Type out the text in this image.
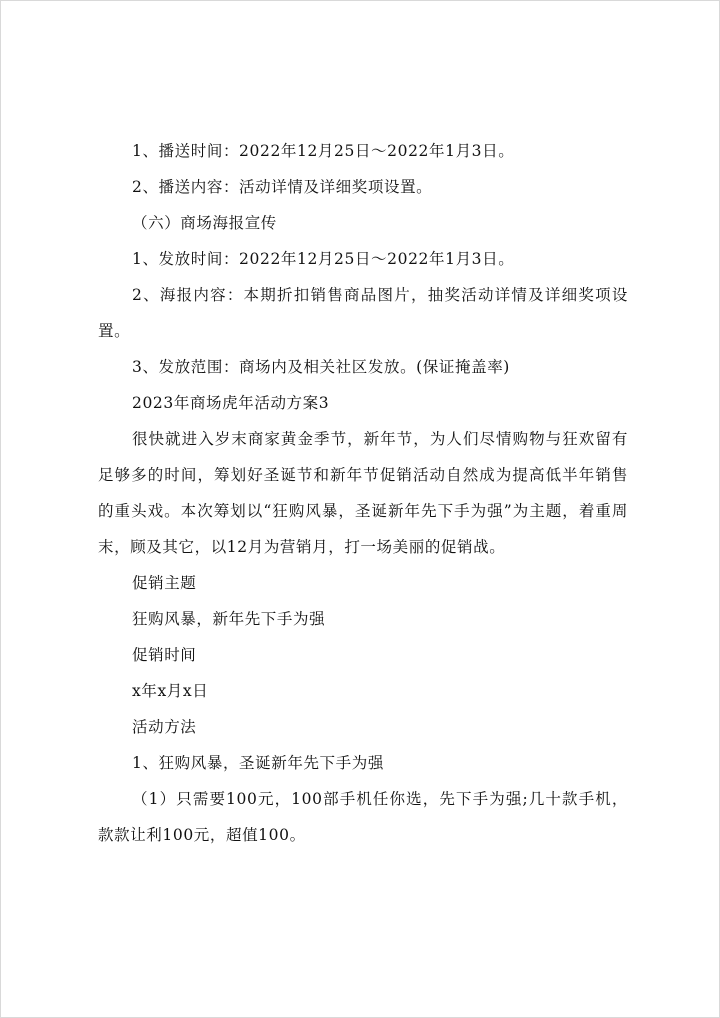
1、播送时间：2022年12月25日～2022年1月3日。

2、播送内容：活动详情及详细奖项设置。

（六）商场海报宣传

1、发放时间：2022年12月25日～2022年1月3日。

2、海报内容：本期折扣销售商品图片，抽奖活动详情及详细奖项设置。

3、发放范围：商场内及相关社区发放。(保证掩盖率)

2023年商场虎年活动方案3

很快就进入岁末商家黄金季节，新年节，为人们尽情购物与狂欢留有足够多的时间，筹划好圣诞节和新年节促销活动自然成为提高低半年销售的重头戏。本次筹划以“狂购风暴，圣诞新年先下手为强”为主题，着重周末，顾及其它，以12月为营销月，打一场美丽的促销战。

促销主题

狂购风暴，新年先下手为强

促销时间

x年x月x日

活动方法

1、狂购风暴，圣诞新年先下手为强

（1）只需要100元，100部手机任你选，先下手为强;几十款手机，款款让利100元，超值100。
